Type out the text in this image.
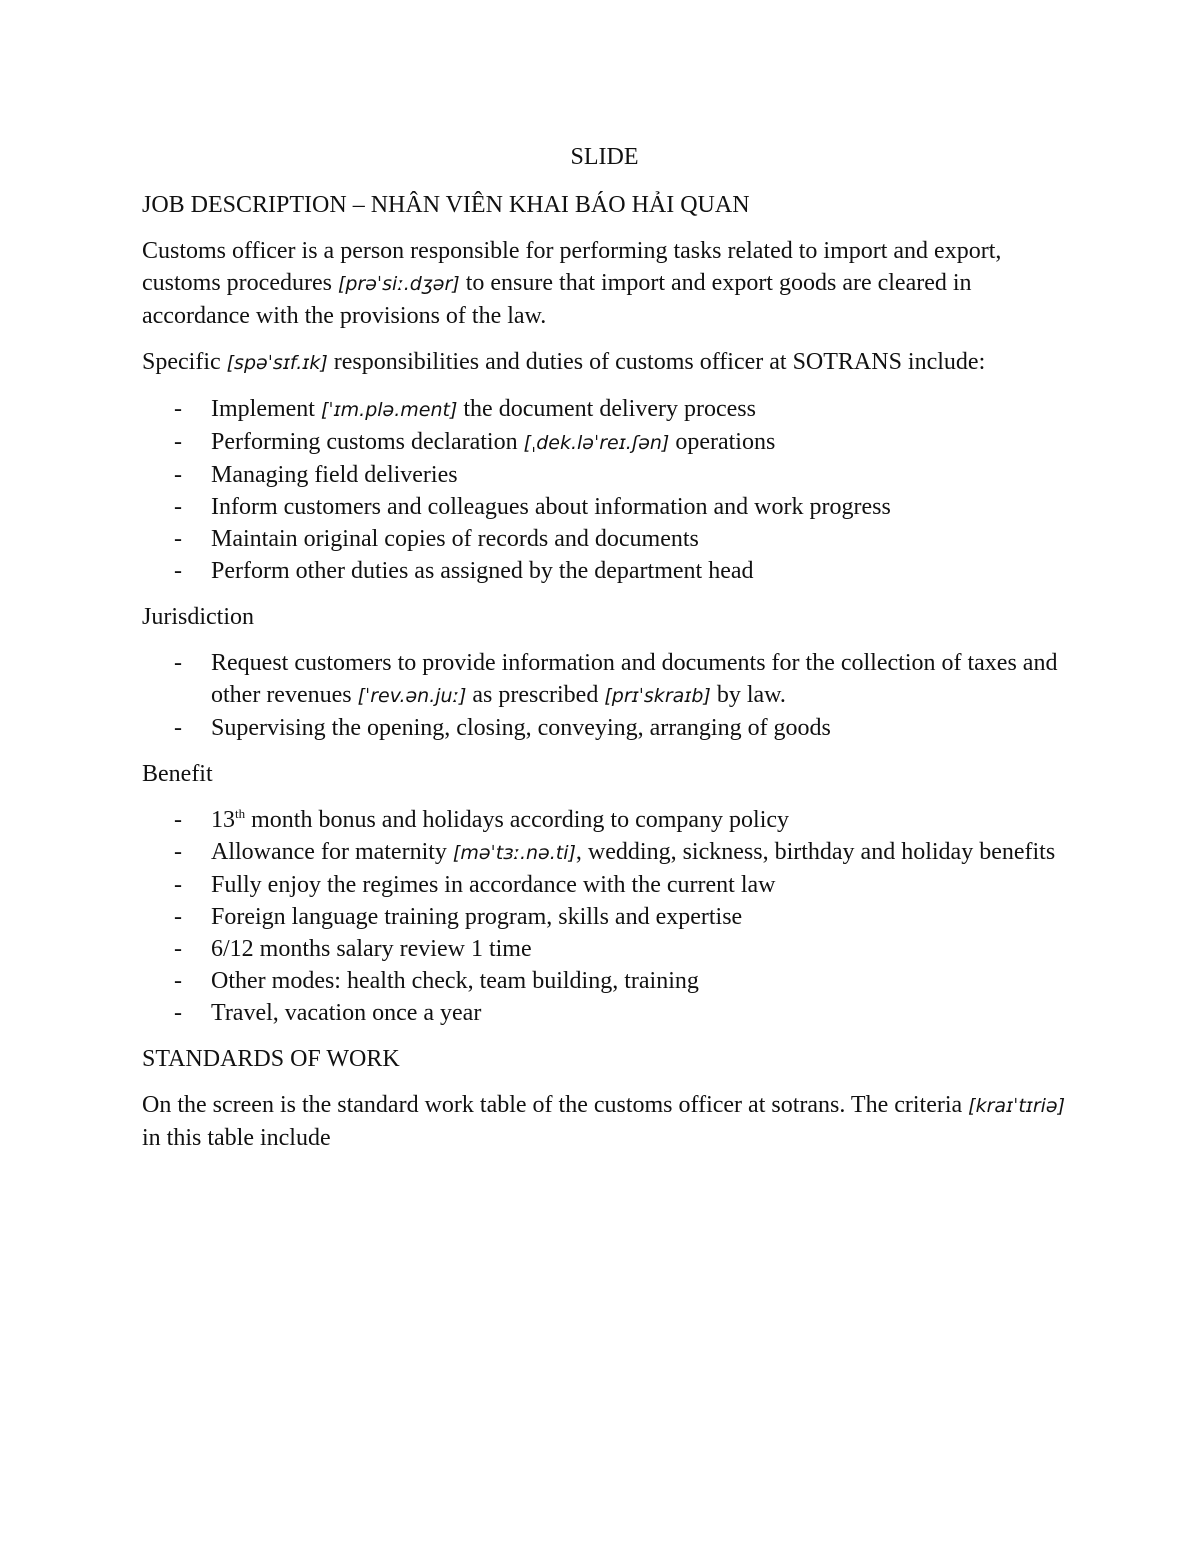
SLIDE
JOB DESCRIPTION – NHÂN VIÊN KHAI BÁO HẢI QUAN

Customs officer is a person responsible for performing tasks related to import and export, customs procedures [prəˈsiː.dʒər] to ensure that import and export goods are cleared in accordance with the provisions of the law.

Specific [spəˈsɪf.ɪk] responsibilities and duties of customs officer at SOTRANS include:

- Implement [ˈɪm.plə.ment] the document delivery process
- Performing customs declaration [ˌdek.ləˈreɪ.ʃən] operations
- Managing field deliveries
- Inform customers and colleagues about information and work progress
- Maintain original copies of records and documents
- Perform other duties as assigned by the department head
Jurisdiction
- Request customers to provide information and documents for the collection of taxes and other revenues [ˈrev.ən.juː] as prescribed [prɪˈskraɪb] by law.
- Supervising the opening, closing, conveying, arranging of goods
Benefit
- 13th month bonus and holidays according to company policy
- Allowance for maternity [məˈtɜː.nə.ti], wedding, sickness, birthday and holiday benefits
- Fully enjoy the regimes in accordance with the current law
- Foreign language training program, skills and expertise
- 6/12 months salary review 1 time
- Other modes: health check, team building, training
- Travel, vacation once a year
STANDARDS OF WORK

On the screen is the standard work table of the customs officer at sotrans. The criteria [kraɪˈtɪriə] in this table include
